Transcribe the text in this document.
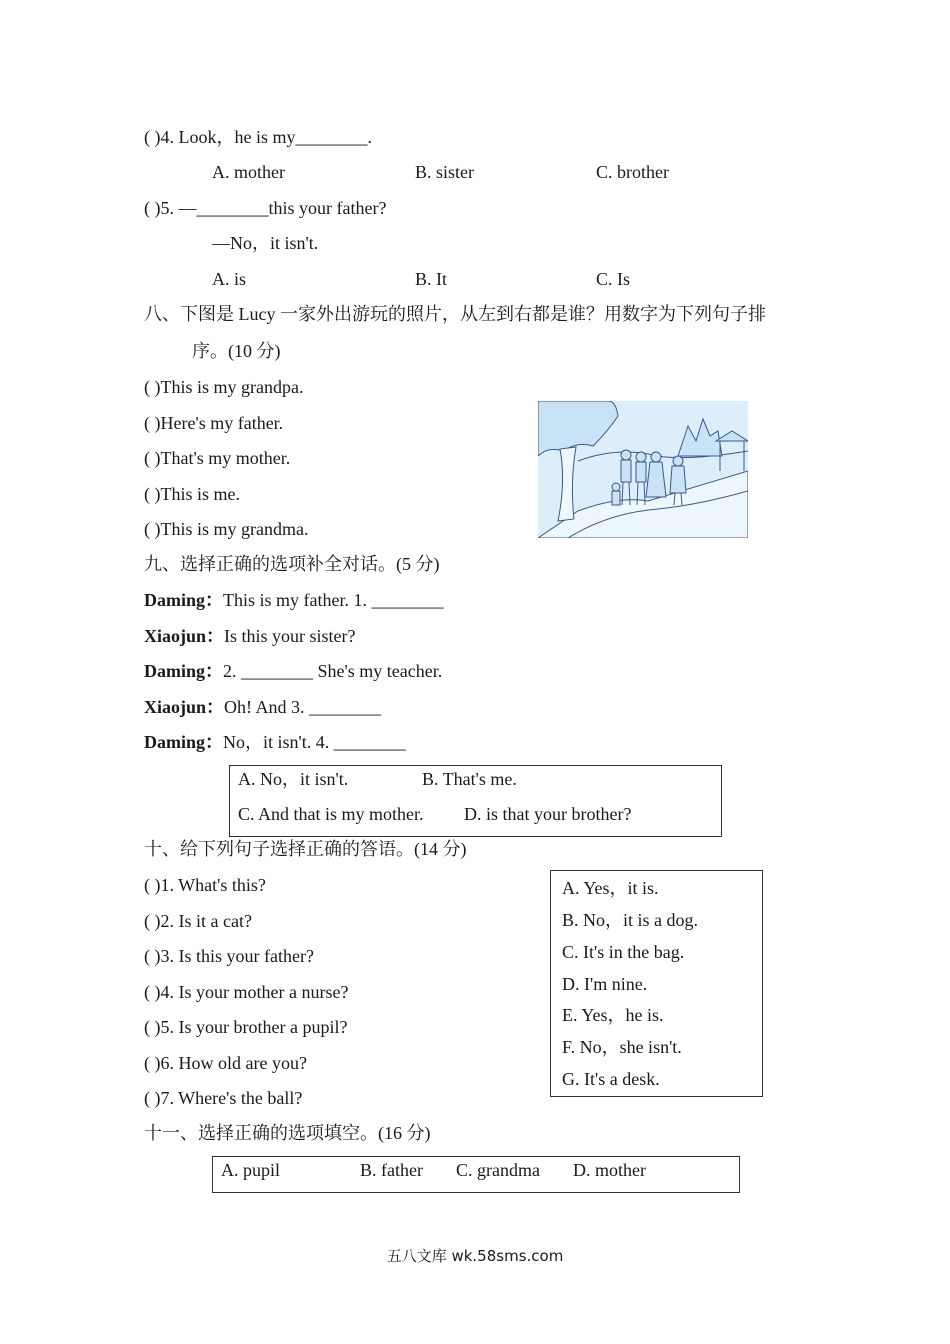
( )4. Look，he is my________.
A. mother	B. sister	C. brother
( )5. —________this your father?
—No，it isn't.
A. is	B. It	C. Is
八、下图是 Lucy 一家外出游玩的照片，从左到右都是谁？用数字为下列句子排
序。(10 分)
( )This is my grandpa.
( )Here's my father.
( )That's my mother.
( )This is me.
( )This is my grandma.
九、选择正确的选项补全对话。(5 分)
Daming：This is my father. 1. ________
Xiaojun：Is this your sister?
Daming：2. ________ She's my teacher.
Xiaojun：Oh! And 3. ________
Daming：No，it isn't. 4. ________
A. No，it isn't.	B. That's me.
C. And that is my mother. D. is that your brother?
十、给下列句子选择正确的答语。(14 分)
( )1. What's this?
( )2. Is it a cat?
( )3. Is this your father?
( )4. Is your mother a nurse?
( )5. Is your brother a pupil?
( )6. How old are you?
( )7. Where's the ball?
A. Yes，it is.
B. No，it is a dog.
C. It's in the bag.
D. I'm nine.
E. Yes，he is.
F. No，she isn't.
G. It's a desk.
十一、选择正确的选项填空。(16 分)
A. pupil	B. father C. grandma D. mother
五八文库 wk.58sms.com
